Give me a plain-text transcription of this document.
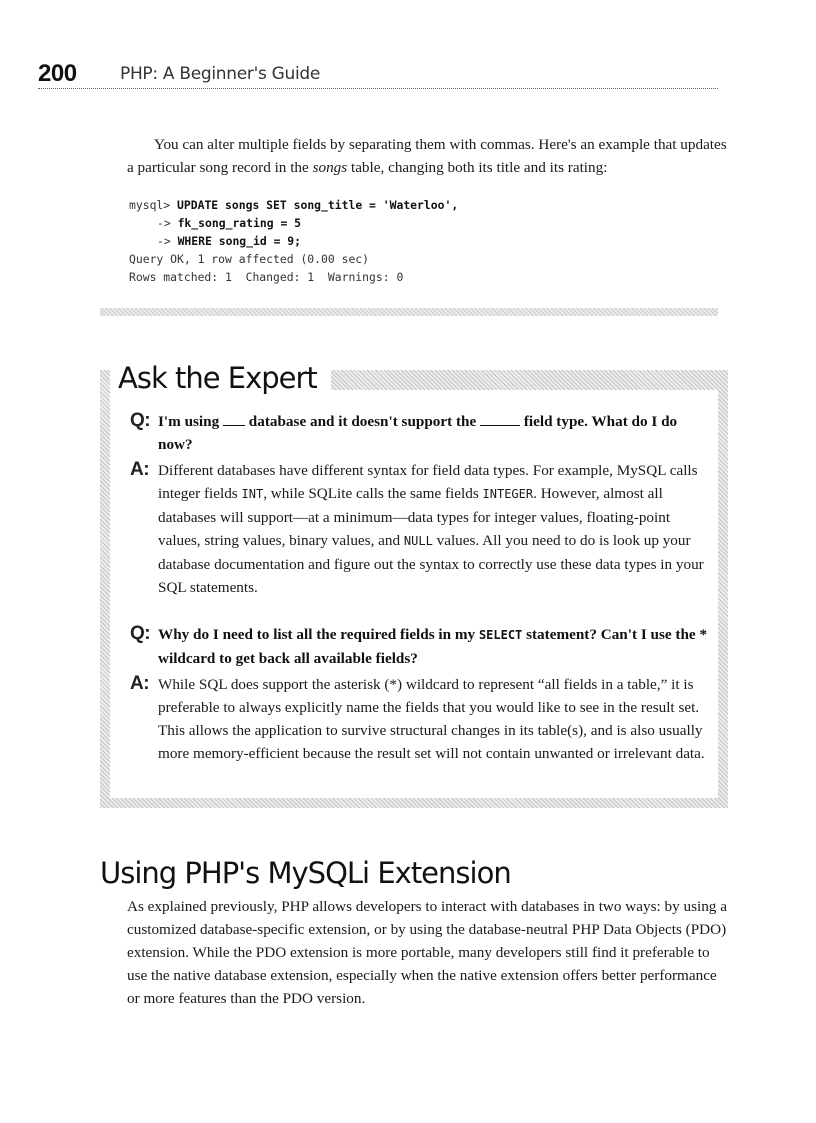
200	PHP: A Beginner's Guide

You can alter multiple fields by separating them with commas. Here's an example that updates a particular song record in the songs table, changing both its title and its rating:

mysql> UPDATE songs SET song_title = 'Waterloo',
-> fk_song_rating = 5
-> WHERE song_id = 9;
Query OK, 1 row affected (0.00 sec)
Rows matched: 1  Changed: 1  Warnings: 0
Q: I'm using database and it doesn't support the	field type. What do I do now?
A: Different databases have different syntax for field data types. For example, MySQL calls integer fields INT, while SQLite calls the same fields INTEGER. However, almost all databases will support—at a minimum—data types for integer values, floating-point values, string values, binary values, and NULL values. All you need to do is look up your database documentation and figure out the syntax to correctly use these data types in your SQL statements.
Q: Why do I need to list all the required fields in my SELECT statement? Can't I use the * wildcard to get back all available fields?
A: While SQL does support the asterisk (*) wildcard to represent “all fields in a table,” it is preferable to always explicitly name the fields that you would like to see in the result set. This allows the application to survive structural changes in its table(s), and is also usually more memory-efficient because the result set will not contain unwanted or irrelevant data.
Ask the Expert
Using PHP's MySQLi Extension

As explained previously, PHP allows developers to interact with databases in two ways: by using a customized database-specific extension, or by using the database-neutral PHP Data Objects (PDO) extension. While the PDO extension is more portable, many developers still find it preferable to use the native database extension, especially when the native extension offers better performance or more features than the PDO version.
